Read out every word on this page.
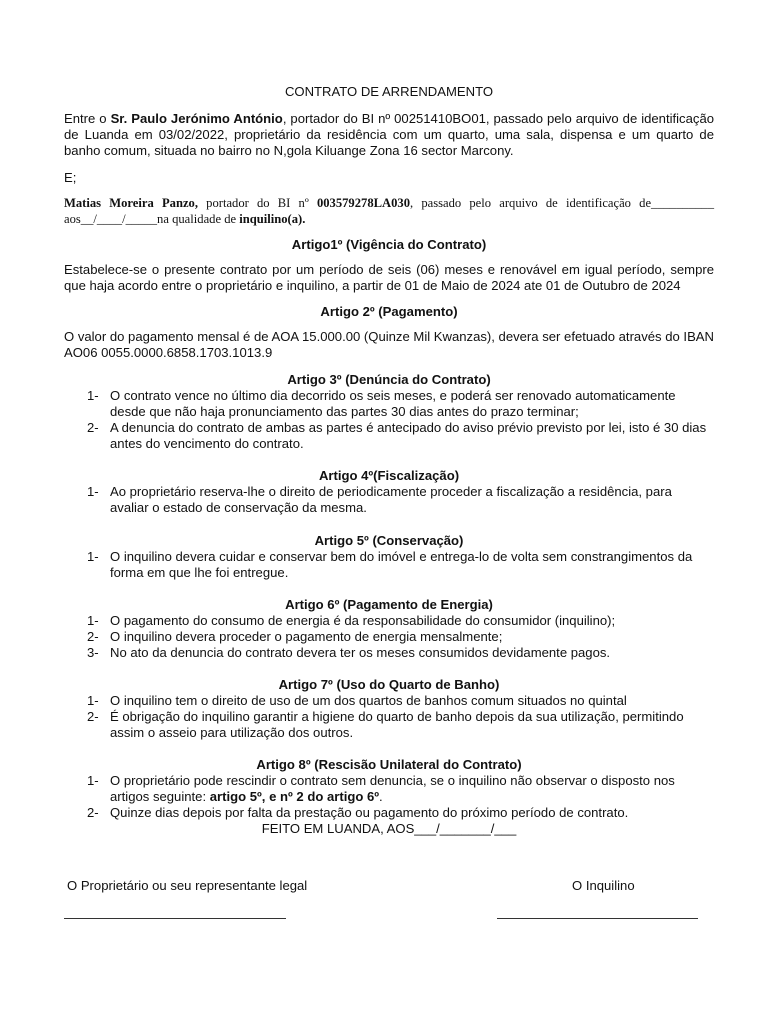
CONTRATO DE ARRENDAMENTO
Entre o Sr. Paulo Jerónimo António, portador do BI nº 00251410BO01, passado pelo arquivo de identificação de Luanda em 03/02/2022, proprietário da residência com um quarto, uma sala, dispensa e um quarto de banho comum, situada no bairro no N,gola Kiluange Zona 16 sector Marcony.
E;
Matias Moreira Panzo, portador do BI nº 003579278LA030, passado pelo arquivo de identificação de__________ aos__/____/_____na qualidade de inquilino(a).
Artigo1º (Vigência do Contrato)
Estabelece-se o presente contrato por um período de seis (06) meses e renovável em igual período, sempre que haja acordo entre o proprietário e inquilino, a partir de 01 de Maio de 2024 ate 01 de Outubro de 2024
Artigo 2º (Pagamento)
O valor do pagamento mensal é de AOA 15.000.00 (Quinze Mil Kwanzas), devera ser efetuado através do IBAN AO06 0055.0000.6858.1703.1013.9
Artigo 3º (Denúncia do Contrato)
1- O contrato vence no último dia decorrido os seis meses, e poderá ser renovado automaticamente desde que não haja pronunciamento das partes 30 dias antes do prazo terminar;
2- A denuncia do contrato de ambas as partes é antecipado do aviso prévio previsto por lei, isto é 30 dias antes do vencimento do contrato.
Artigo 4º(Fiscalização)
1- Ao proprietário reserva-lhe o direito de periodicamente proceder a fiscalização a residência, para avaliar o estado de conservação da mesma.
Artigo 5º (Conservação)
1- O inquilino devera cuidar e conservar bem do imóvel e entrega-lo de volta sem constrangimentos da forma em que lhe foi entregue.
Artigo 6º (Pagamento de Energia)
1- O pagamento do consumo de energia é da responsabilidade do consumidor (inquilino);
2- O inquilino devera proceder o pagamento de energia mensalmente;
3- No ato da denuncia do contrato devera ter os meses consumidos devidamente pagos.
Artigo 7º (Uso do Quarto de Banho)
1- O inquilino tem o direito de uso de um dos quartos de banhos comum situados no quintal
2- É obrigação do inquilino garantir a higiene do quarto de banho depois da sua utilização, permitindo assim o asseio para utilização dos outros.
Artigo 8º (Rescisão Unilateral do Contrato)
1- O proprietário pode rescindir o contrato sem denuncia, se o inquilino não observar o disposto nos artigos seguinte: artigo 5º, e nº 2 do artigo 6º.
2- Quinze dias depois por falta da prestação ou pagamento do próximo período de contrato.
FEITO EM LUANDA, AOS___/_______/___
O Proprietário ou seu representante legal	O Inquilino
